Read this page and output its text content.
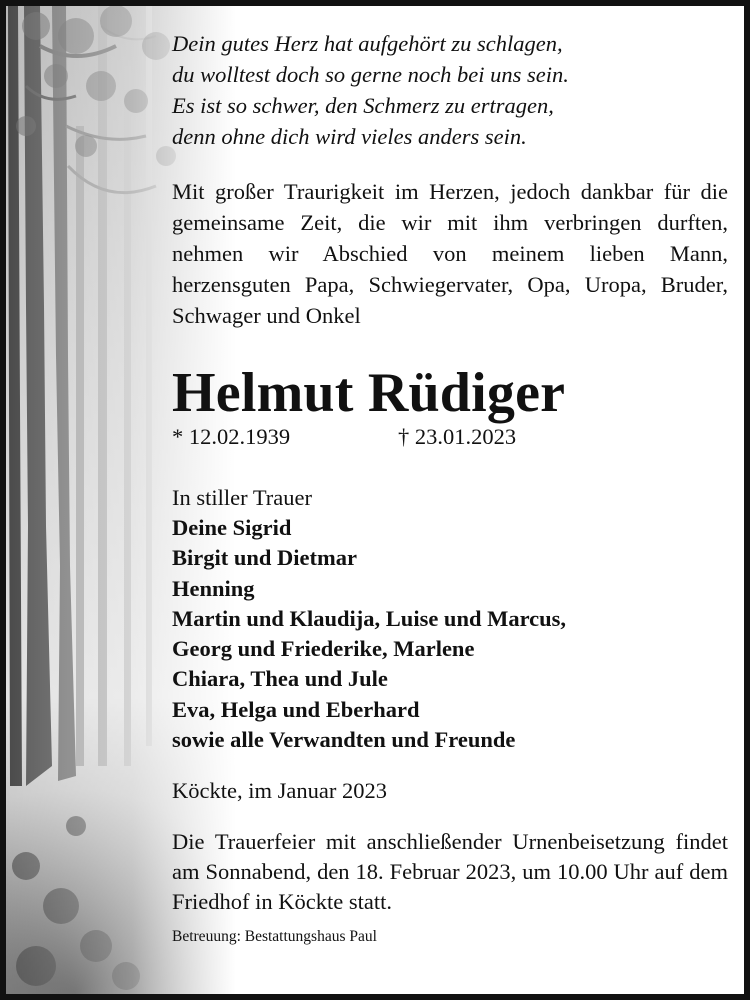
Dein gutes Herz hat aufgehört zu schlagen,
du wolltest doch so gerne noch bei uns sein.
Es ist so schwer, den Schmerz zu ertragen,
denn ohne dich wird vieles anders sein.
Mit großer Traurigkeit im Herzen, jedoch dankbar für die gemeinsame Zeit, die wir mit ihm verbringen durften, nehmen wir Abschied von meinem lieben Mann, herzensguten Papa, Schwiegervater, Opa, Uropa, Bruder, Schwager und Onkel
Helmut Rüdiger
* 12.02.1939	† 23.01.2023
In stiller Trauer
Deine Sigrid
Birgit und Dietmar
Henning
Martin und Klaudija, Luise und Marcus,
Georg und Friederike, Marlene
Chiara, Thea und Jule
Eva, Helga und Eberhard
sowie alle Verwandten und Freunde
Köckte, im Januar 2023
Die Trauerfeier mit anschließender Urnenbeisetzung findet am Sonnabend, den 18. Februar 2023, um 10.00 Uhr auf dem Friedhof in Köckte statt.
Betreuung: Bestattungshaus Paul
